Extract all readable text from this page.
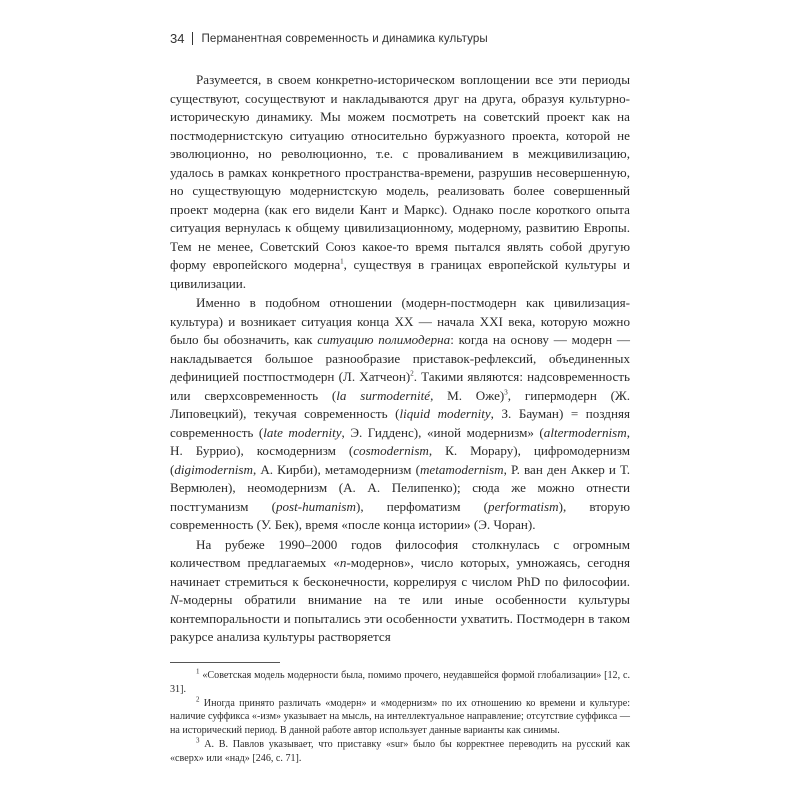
34 Перманентная современность и динамика культуры

Разумеется, в своем конкретно-историческом воплощении все эти периоды существуют, сосуществуют и накладываются друг на друга, образуя культурно-историческую динамику. Мы можем посмотреть на советский проект как на постмодернистскую ситуацию относительно буржуазного проекта, которой не эволюционно, но революционно, т.е. с проваливанием в межцивилизацию, удалось в рамках конкретного пространства-времени, разрушив несовершенную, но существующую модернистскую модель, реализовать более совершенный проект модерна (как его видели Кант и Маркс). Однако после короткого опыта ситуация вернулась к общему цивилизационному, модерному, развитию Европы. Тем не менее, Советский Союз какое-то время пытался являть собой другую форму европейского модерна$^1$, существуя в границах европейской культуры и цивилизации.

Именно в подобном отношении (модерн-постмодерн как цивилизация-культура) и возникает ситуация конца XX — начала XXI века, которую можно было бы обозначить, как ситуацию полимодерна: когда на основу — модерн — накладывается большое разнообразие приставок-рефлексий, объединенных дефиницией постпостмодерн (Л. Хатчеон)$^2$. Такими являются: надсовременность или сверхсовременность (la surmodernité, М. Оже)$^3$, гипермодерн (Ж. Липовецкий), текучая современность (liquid modernity, З. Бауман) = поздняя современность (late modernity, Э. Гидденс), «иной модернизм» (altermodernism, Н. Буррио), космодернизм (cosmodernism, К. Морару), цифромодернизм (digimodernism, А. Кирби), метамодернизм (metamodernism, Р. ван ден Аккер и Т. Вермюлен), неомодернизм (А. А. Пелипенко); сюда же можно отнести постгуманизм (post-humanism), перфоматизм (performatism), вторую современность (У. Бек), время «после конца истории» (Э. Чоран).

На рубеже 1990–2000 годов философия столкнулась с огромным количеством предлагаемых «n-модернов», число которых, умножаясь, сегодня начинает стремиться к бесконечности, коррелируя с числом PhD по философии. N-модерны обратили внимание на те или иные особенности культуры контемпоральности и попытались эти особенности ухватить. Постмодерн в таком ракурсе анализа культуры растворяется

$^1$ «Советская модель модерности была, помимо прочего, неудавшейся формой глобализации» [12, с. 31].

$^2$ Иногда принято различать «модерн» и «модернизм» по их отношению ко времени и культуре: наличие суффикса «-изм» указывает на мысль, на интеллектуальное направление; отсутствие суффикса — на исторический период. В данной работе автор использует данные варианты как синимы.

$^3$ А. В. Павлов указывает, что приставку «sur» было бы корректнее переводить на русский как «сверх» или «над» [246, с. 71].
